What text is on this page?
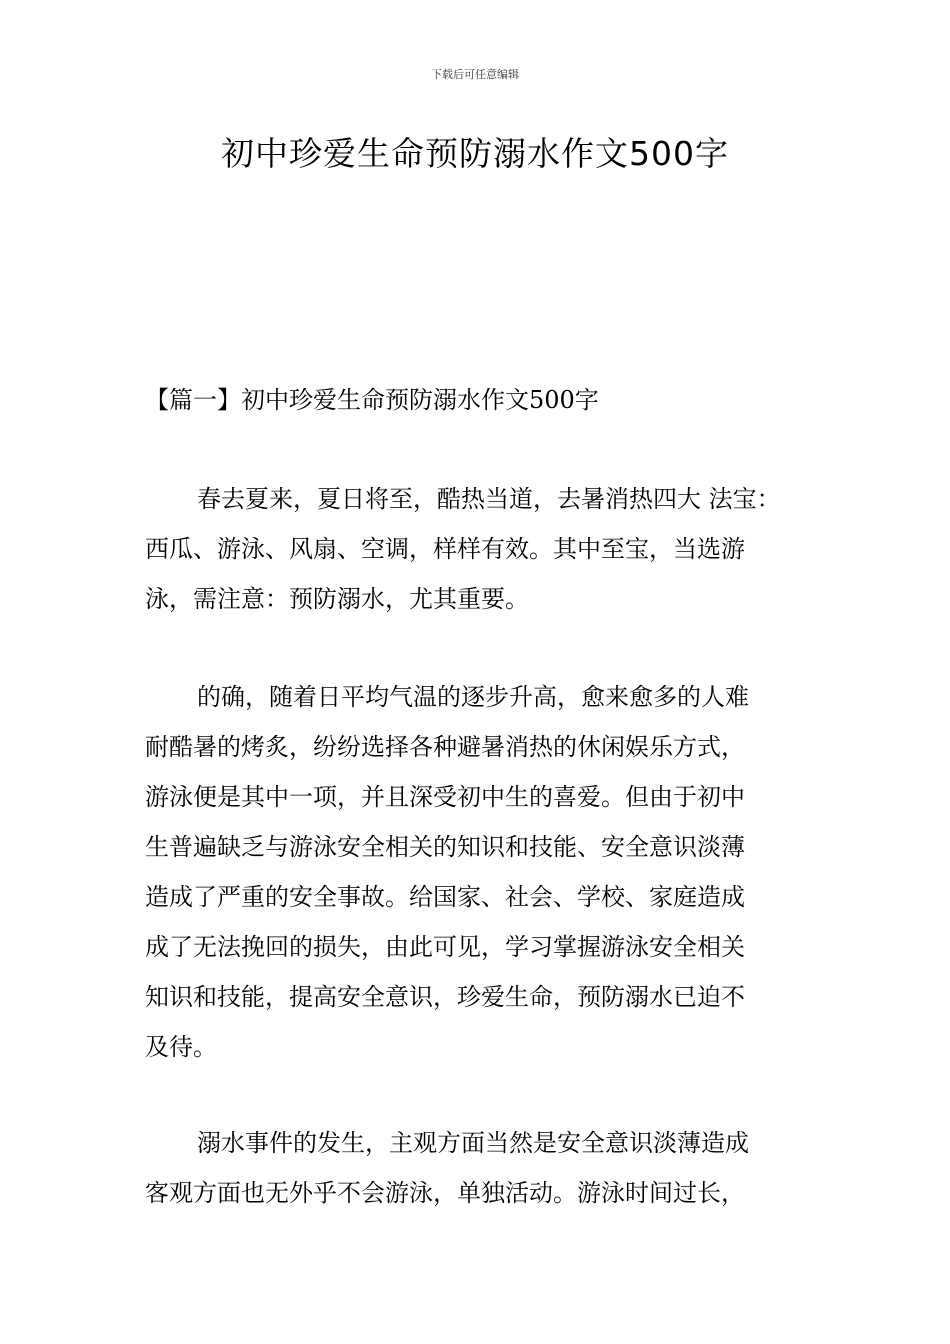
下载后可任意编辑
初中珍爱生命预防溺水作文500字
【篇一】初中珍爱生命预防溺水作文500字
春去夏来，夏日将至，酷热当道，去暑消热四大 法宝：
西瓜、游泳、风扇、空调，样样有效。其中至宝，当选游
泳，需注意：预防溺水，尤其重要。
的确，随着日平均气温的逐步升高，愈来愈多的人难
耐酷暑的烤炙，纷纷选择各种避暑消热的休闲娱乐方式，
游泳便是其中一项，并且深受初中生的喜爱。但由于初中
生普遍缺乏与游泳安全相关的知识和技能、安全意识淡薄
造成了严重的安全事故。给国家、社会、学校、家庭造成
成了无法挽回的损失，由此可见，学习掌握游泳安全相关
知识和技能，提高安全意识，珍爱生命，预防溺水已迫不
及待。
溺水事件的发生，主观方面当然是安全意识淡薄造成
客观方面也无外乎不会游泳，单独活动。游泳时间过长，
